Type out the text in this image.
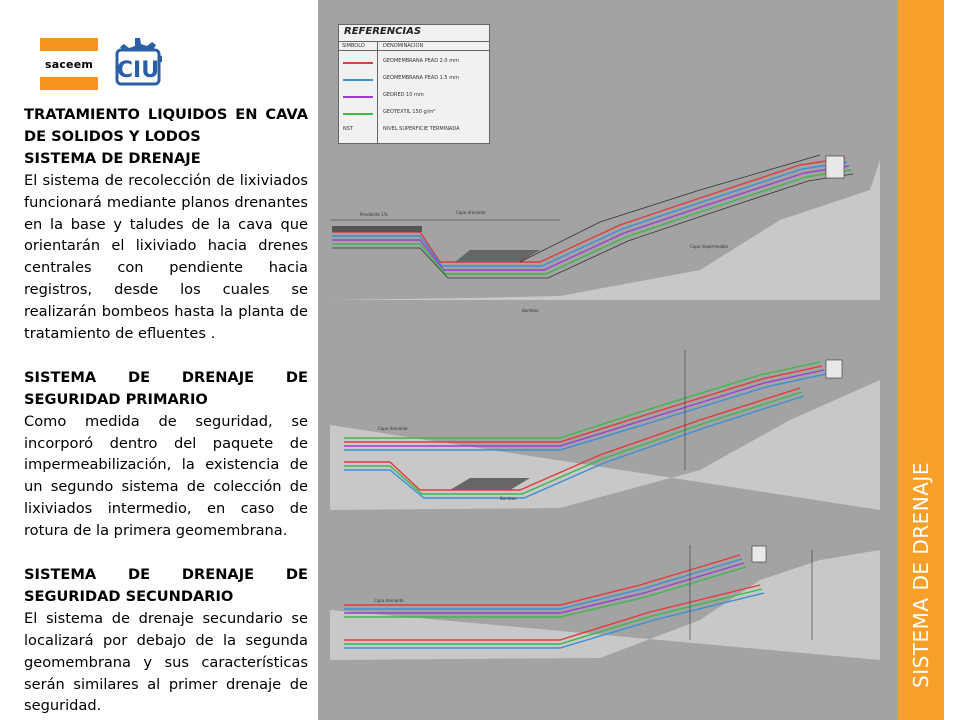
saceem CIU
TRATAMIENTO LIQUIDOS EN CAVA DE SOLIDOS Y LODOS
SISTEMA DE DRENAJE
El sistema de recolección de lixiviados funcionará mediante planos drenantes en la base y taludes de la cava que orientarán el lixiviado hacia drenes centrales con pendiente hacia registros, desde los cuales se realizarán bombeos hasta la planta de tratamiento de efluentes .
SISTEMA DE DRENAJE DE SEGURIDAD PRIMARIO
Como medida de seguridad, se incorporó dentro del paquete de impermeabilización, la existencia de un segundo sistema de colección de lixiviados intermedio, en caso de rotura de la primera geomembrana.
SISTEMA DE DRENAJE DE SEGURIDAD SECUNDARIO
El sistema de drenaje secundario se localizará por debajo de la segunda geomembrana y sus características serán similares al primer drenaje de seguridad.
Pendiente 1%	Capa drenante
Bombeo
Capa impermeable
Capa drenante
Bombeo
Capa drenante
REFERENCIAS
SIMBOLO	DENOMINACION
GEOMEMBRANA PEAD 2.0 mm
GEOMEMBRANA PEAD 1.5 mm
GEORED 10 mm
GEOTEXTIL 150 g/m²
NST	NIVEL SUPERFICIE TERMINADA
SISTEMA DE DRENAJE
